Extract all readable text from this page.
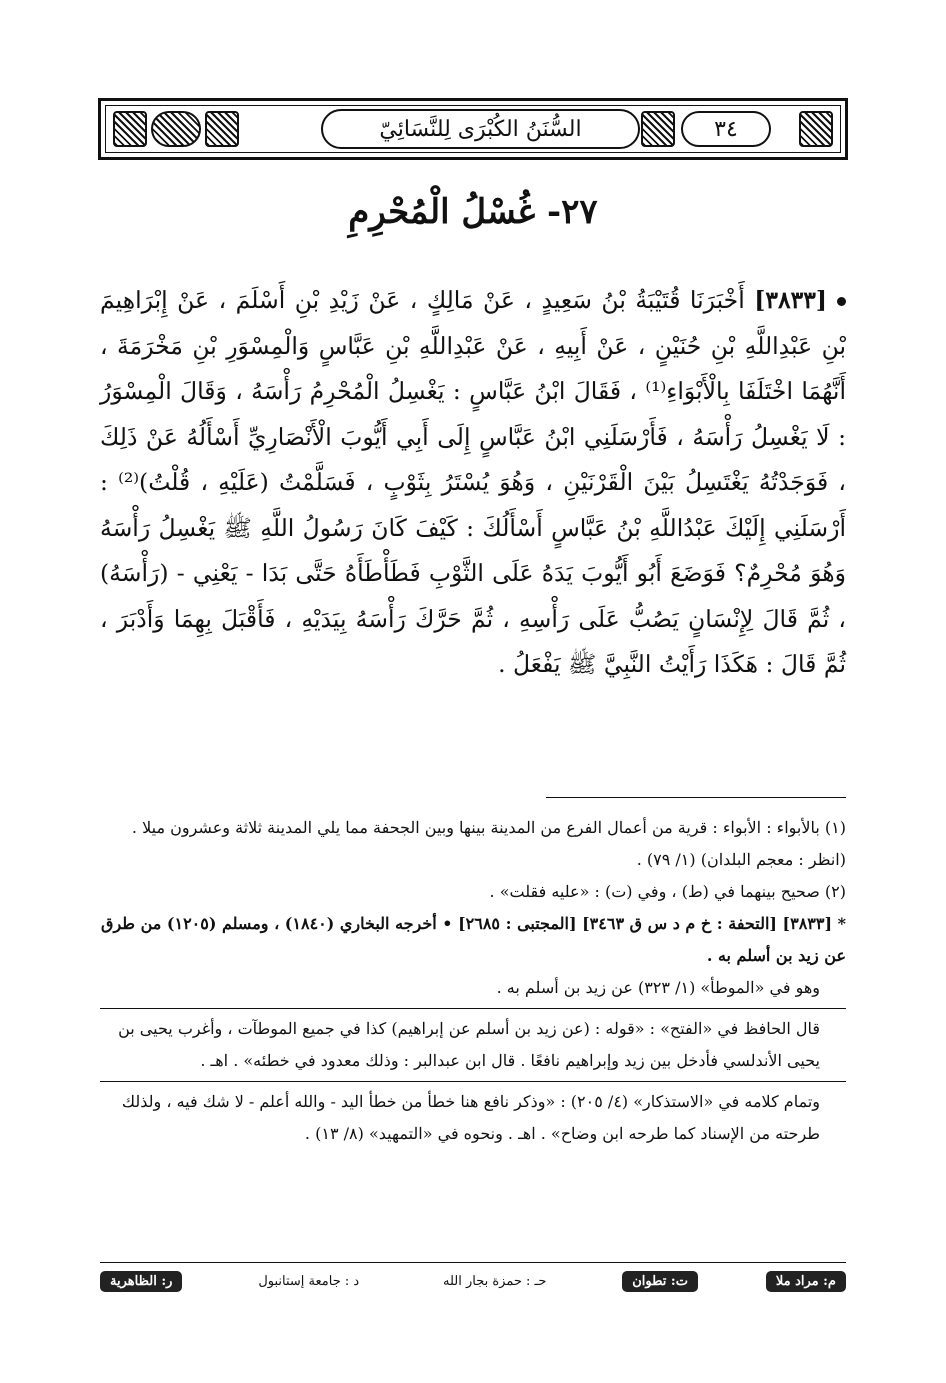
السُّنَنُ الكُبْرَى لِلنَّسَائِيّ	٣٤
٢٧- غُسْلُ الْمُحْرِمِ
[٣٨٣٣] أَخْبَرَنَا قُتَيْبَةُ بْنُ سَعِيدٍ ، عَنْ مَالِكٍ ، عَنْ زَيْدِ بْنِ أَسْلَمَ ، عَنْ إِبْرَاهِيمَ بْنِ عَبْدِاللَّهِ بْنِ حُنَيْنٍ ، عَنْ أَبِيهِ ، عَنْ عَبْدِاللَّهِ بْنِ عَبَّاسٍ وَالْمِسْوَرِ بْنِ مَخْرَمَةَ ، أَنَّهُمَا اخْتَلَفَا بِالْأَبْوَاءِ⁽¹⁾ ، فَقَالَ ابْنُ عَبَّاسٍ : يَغْسِلُ الْمُحْرِمُ رَأْسَهُ ، وَقَالَ الْمِسْوَرُ : لَا يَغْسِلُ رَأْسَهُ ، فَأَرْسَلَنِي ابْنُ عَبَّاسٍ إِلَى أَبِي أَيُّوبَ الْأَنْصَارِيِّ أَسْأَلُهُ عَنْ ذَلِكَ ، فَوَجَدْتُهُ يَغْتَسِلُ بَيْنَ الْقَرْنَيْنِ ، وَهُوَ يُسْتَرُ بِثَوْبٍ ، فَسَلَّمْتُ (عَلَيْهِ ، قُلْتُ)⁽²⁾ : أَرْسَلَنِي إِلَيْكَ عَبْدُاللَّهِ بْنُ عَبَّاسٍ أَسْأَلُكَ : كَيْفَ كَانَ رَسُولُ اللَّهِ ﷺ يَغْسِلُ رَأْسَهُ وَهُوَ مُحْرِمٌ؟ فَوَضَعَ أَبُو أَيُّوبَ يَدَهُ عَلَى الثَّوْبِ فَطَأْطَأَهُ حَتَّى بَدَا - يَعْنِي - (رَأْسَهُ) ، ثُمَّ قَالَ لِإِنْسَانٍ يَصُبُّ عَلَى رَأْسِهِ ، ثُمَّ حَرَّكَ رَأْسَهُ بِيَدَيْهِ ، فَأَقْبَلَ بِهِمَا وَأَدْبَرَ ، ثُمَّ قَالَ : هَكَذَا رَأَيْتُ النَّبِيَّ ﷺ يَفْعَلُ .

(١) بالأبواء : الأبواء : قرية من أعمال الفرع من المدينة بينها وبين الجحفة مما يلي المدينة ثلاثة وعشرون ميلا . (انظر : معجم البلدان) (١/ ٧٩) .

(٢) صحيح بينهما في (ط) ، وفي (ت) : «عليه فقلت» .

* [٣٨٣٣] [التحفة : خ م د س ق ٣٤٦٣] [المجتبى : ٢٦٨٥] • أخرجه البخاري (١٨٤٠) ، ومسلم (١٢٠٥) من طرق عن زيد بن أسلم به .

وهو في «الموطأ» (١/ ٣٢٣) عن زيد بن أسلم به .

قال الحافظ في «الفتح» : «قوله : (عن زيد بن أسلم عن إبراهيم) كذا في جميع الموطآت ، وأغرب يحيى بن يحيى الأندلسي فأدخل بين زيد وإبراهيم نافعًا . قال ابن عبدالبر : وذلك معدود في خطئه» . اهـ .

وتمام كلامه في «الاستذكار» (٤/ ٢٠٥) : «وذكر نافع هنا خطأ من خطأ اليد - والله أعلم - لا شك فيه ، ولذلك طرحته من الإسناد كما طرحه ابن وضاح» . اهـ . ونحوه في «التمهيد» (٨/ ١٣) .

م: مراد ملا
ت: تطوان
حـ : حمزة بجار الله
د : جامعة إستانبول
ر: الظاهرية
